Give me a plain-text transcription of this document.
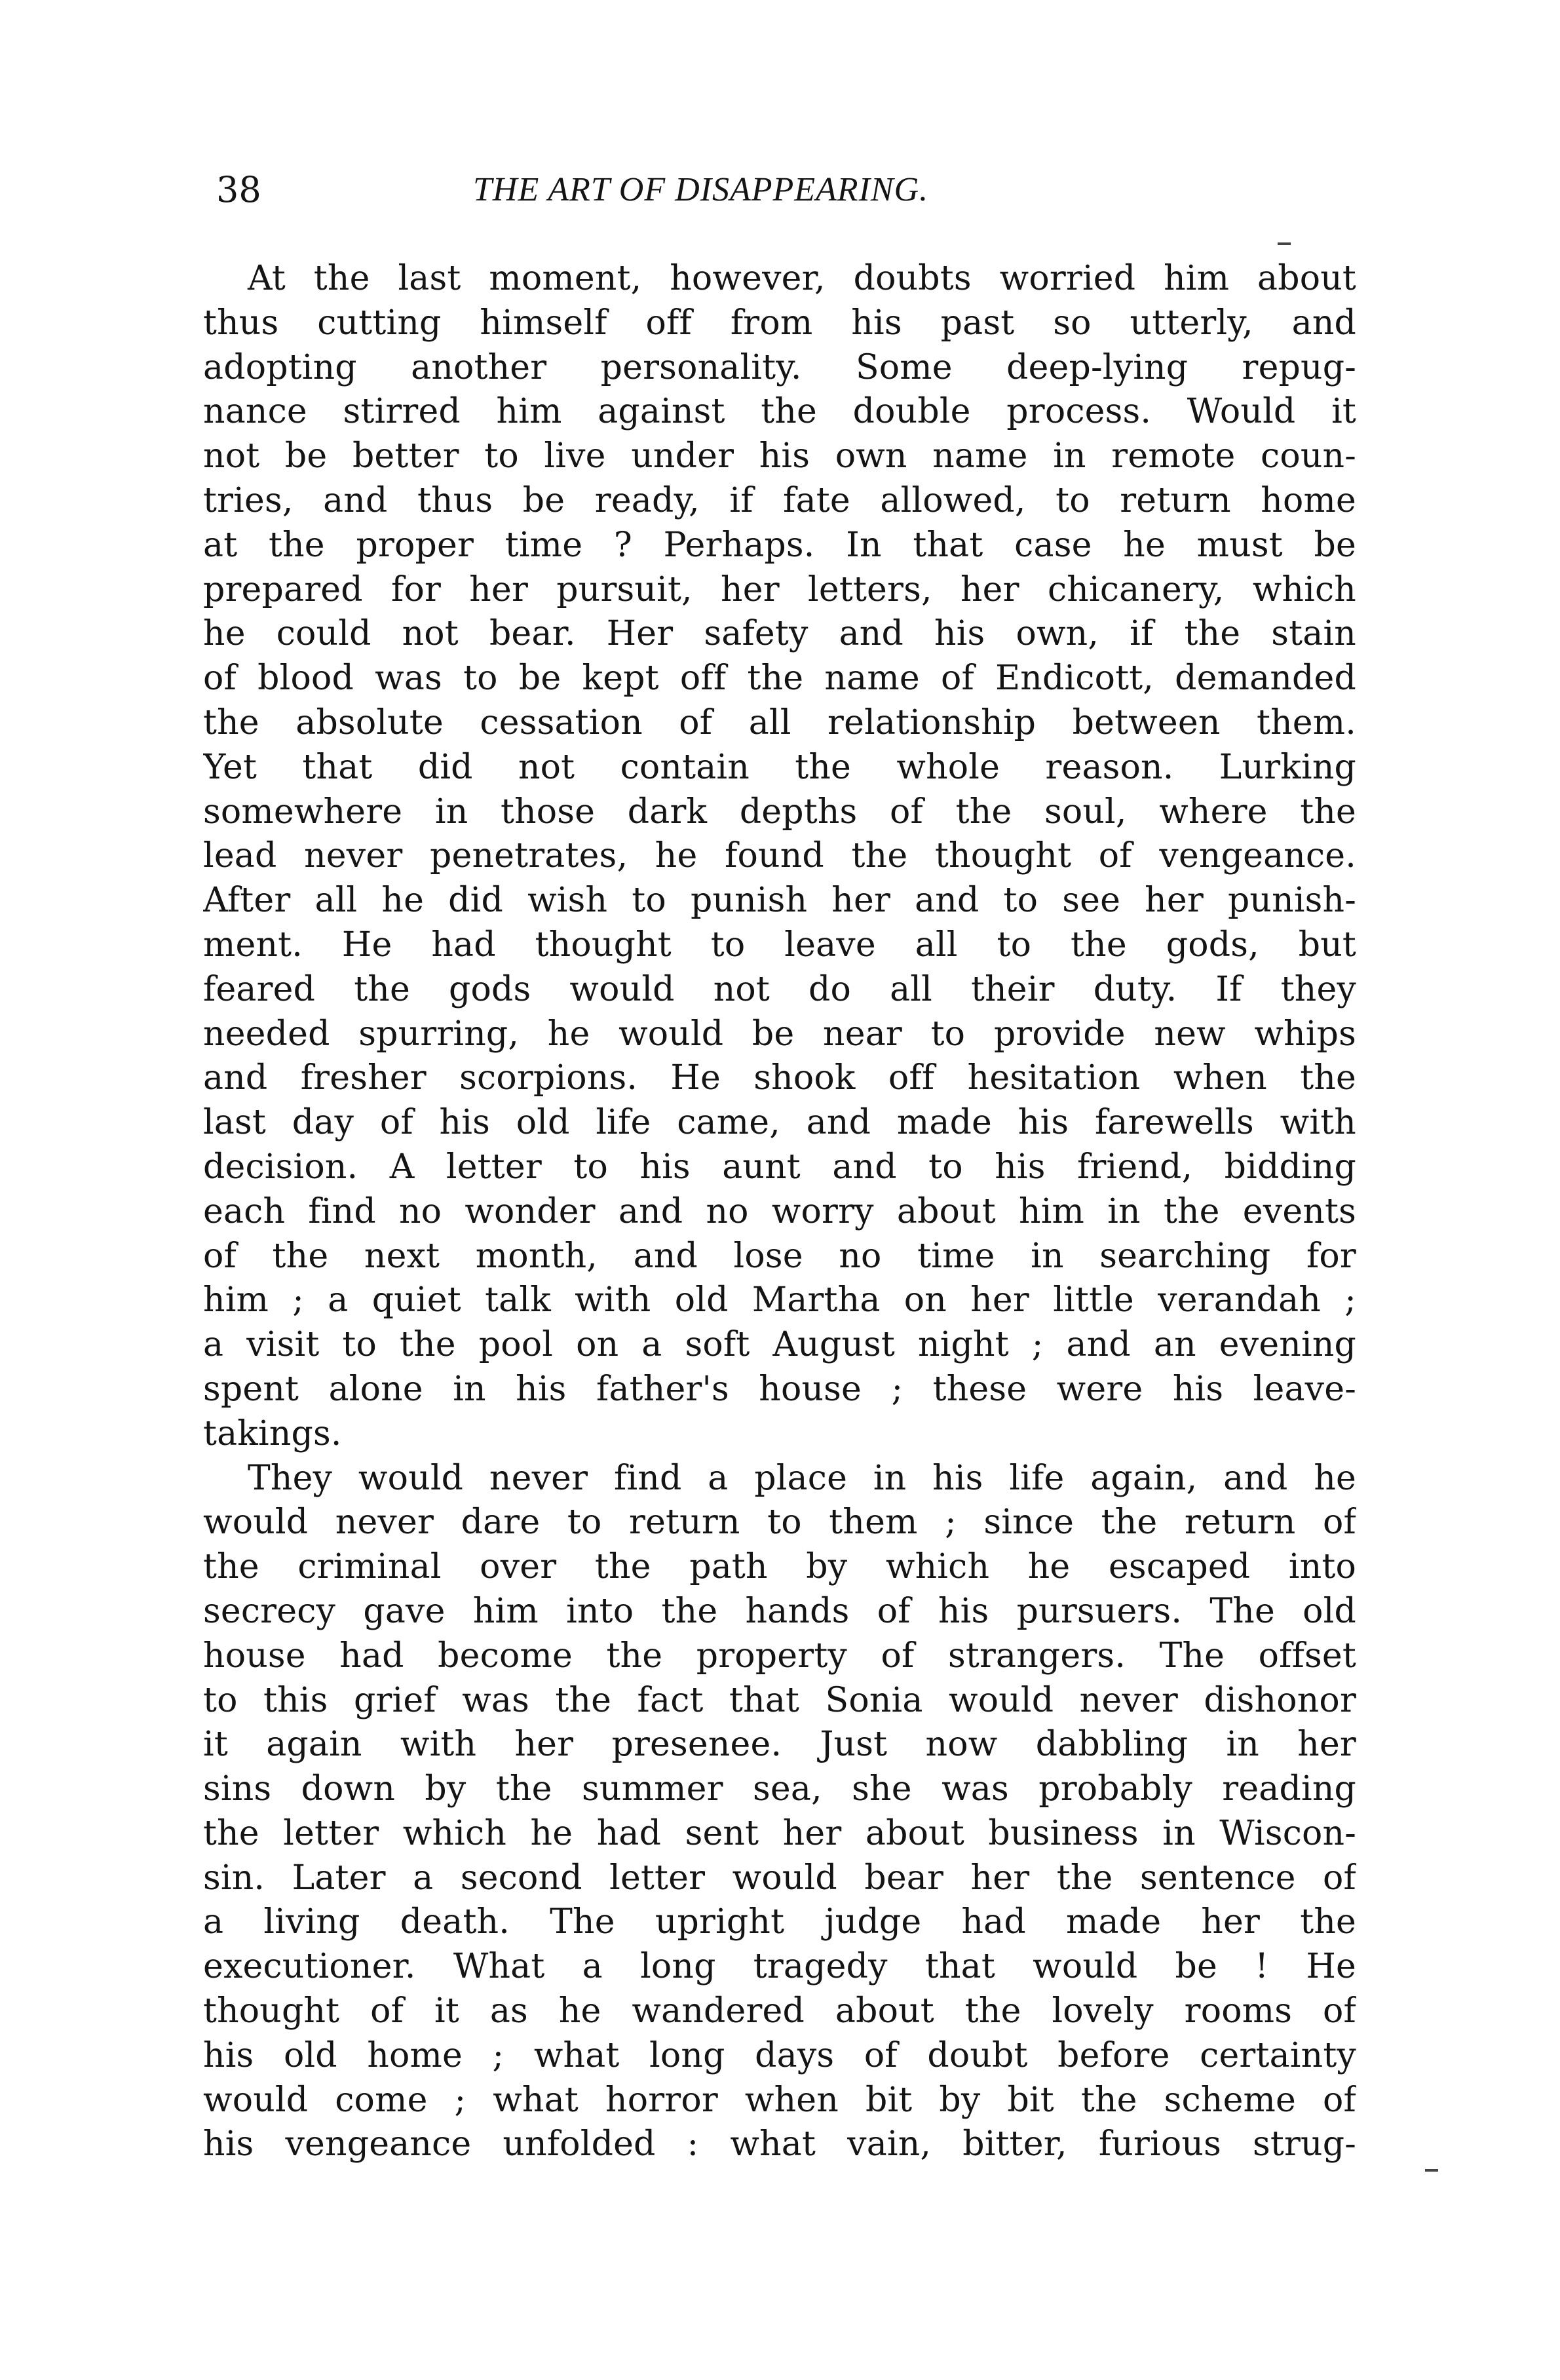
38	THE ART OF DISAPPEARING.
At the last moment, however, doubts worried him about
thus cutting himself off from his past so utterly, and
adopting another personality. Some deep-lying repug-
nance stirred him against the double process. Would it
not be better to live under his own name in remote coun-
tries, and thus be ready, if fate allowed, to return home
at the proper time ? Perhaps. In that case he must be
prepared for her pursuit, her letters, her chicanery, which
he could not bear. Her safety and his own, if the stain
of blood was to be kept off the name of Endicott, demanded
the absolute cessation of all relationship between them.
Yet that did not contain the whole reason. Lurking
somewhere in those dark depths of the soul, where the
lead never penetrates, he found the thought of vengeance.
After all he did wish to punish her and to see her punish-
ment. He had thought to leave all to the gods, but
feared the gods would not do all their duty. If they
needed spurring, he would be near to provide new whips
and fresher scorpions. He shook off hesitation when the
last day of his old life came, and made his farewells with
decision. A letter to his aunt and to his friend, bidding
each find no wonder and no worry about him in the events
of the next month, and lose no time in searching for
him ; a quiet talk with old Martha on her little verandah ;
a visit to the pool on a soft August night ; and an evening
spent alone in his father's house ; these were his leave-
takings.
They would never find a place in his life again, and he
would never dare to return to them ; since the return of
the criminal over the path by which he escaped into
secrecy gave him into the hands of his pursuers. The old
house had become the property of strangers. The offset
to this grief was the fact that Sonia would never dishonor
it again with her presenee. Just now dabbling in her
sins down by the summer sea, she was probably reading
the letter which he had sent her about business in Wiscon-
sin. Later a second letter would bear her the sentence of
a living death. The upright judge had made her the
executioner. What a long tragedy that would be ! He
thought of it as he wandered about the lovely rooms of
his old home ; what long days of doubt before certainty
would come ; what horror when bit by bit the scheme of
his vengeance unfolded : what vain, bitter, furious strug-
